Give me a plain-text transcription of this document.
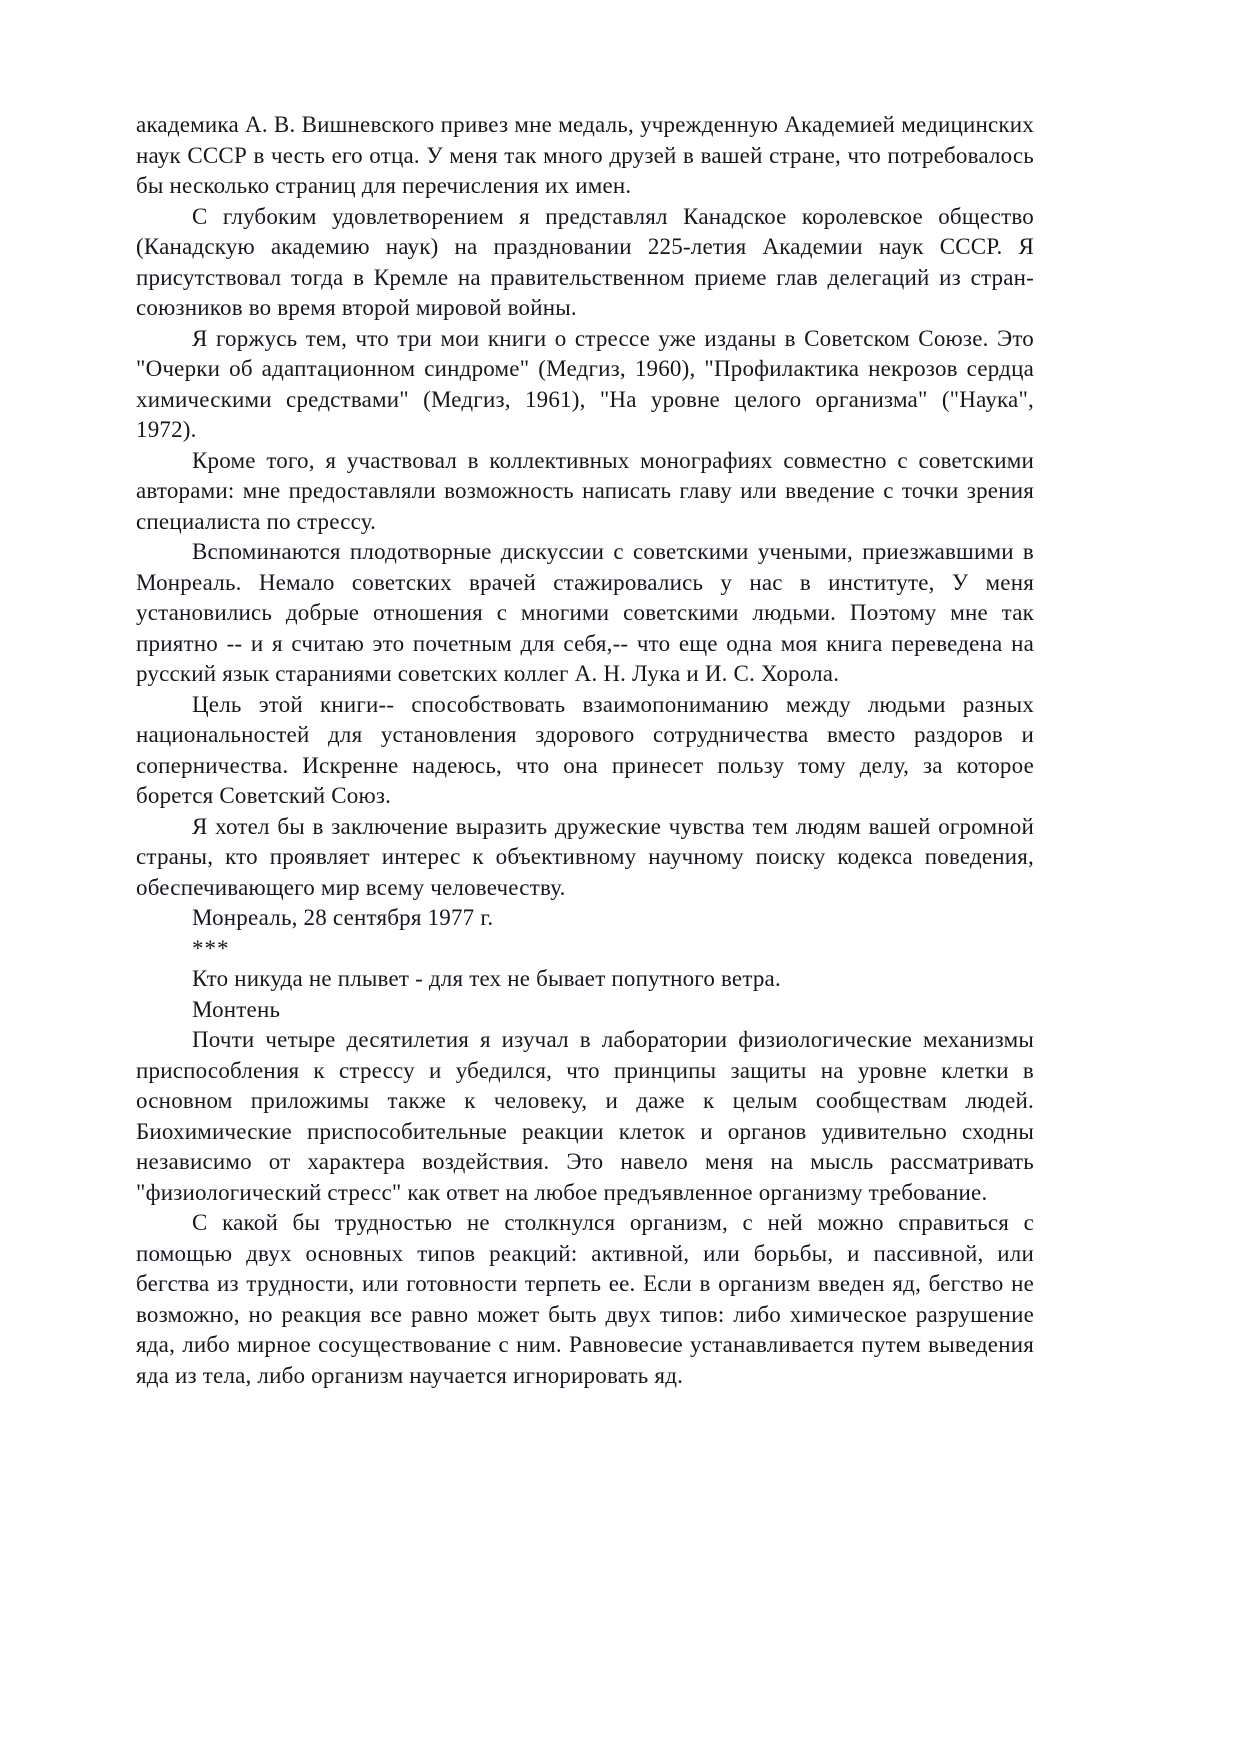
академика А. В. Вишневского привез мне медаль, учрежденную Академией медицинских наук СССР в честь его отца. У меня так много друзей в вашей стране, что потребовалось бы несколько страниц для перечисления их имен.

С глубоким удовлетворением я представлял Канадское королевское общество (Канадскую академию наук) на праздновании 225-летия Академии наук СССР. Я присутствовал тогда в Кремле на правительственном приеме глав делегаций из стран-союзников во время второй мировой войны.

Я горжусь тем, что три мои книги о стрессе уже изданы в Советском Союзе. Это "Очерки об адаптационном синдроме" (Медгиз, 1960), "Профилактика некрозов сердца химическими средствами" (Медгиз, 1961), "На уровне целого организма" ("Наука", 1972).

Кроме того, я участвовал в коллективных монографиях совместно с советскими авторами: мне предоставляли возможность написать главу или введение с точки зрения специалиста по стрессу.

Вспоминаются плодотворные дискуссии с советскими учеными, приезжавшими в Монреаль. Немало советских врачей стажировались у нас в институте, У меня установились добрые отношения с многими советскими людьми. Поэтому мне так приятно -- и я считаю это почетным для себя,-- что еще одна моя книга переведена на русский язык стараниями советских коллег А. Н. Лука и И. С. Хорола.

Цель этой книги-- способствовать взаимопониманию между людьми разных национальностей для установления здорового сотрудничества вместо раздоров и соперничества. Искренне надеюсь, что она принесет пользу тому делу, за которое борется Советский Союз.

Я хотел бы в заключение выразить дружеские чувства тем людям вашей огромной страны, кто проявляет интерес к объективному научному поиску кодекса поведения, обеспечивающего мир всему человечеству.

Монреаль, 28 сентября 1977 г.

***

Кто никуда не плывет - для тех не бывает попутного ветра.

Монтень

Почти четыре десятилетия я изучал в лаборатории физиологические механизмы приспособления к стрессу и убедился, что принципы защиты на уровне клетки в основном приложимы также к человеку, и даже к целым сообществам людей. Биохимические приспособительные реакции клеток и органов удивительно сходны независимо от характера воздействия. Это навело меня на мысль рассматривать "физиологический стресс" как ответ на любое предъявленное организму требование.

С какой бы трудностью не столкнулся организм, с ней можно справиться с помощью двух основных типов реакций: активной, или борьбы, и пассивной, или бегства из трудности, или готовности терпеть ее. Если в организм введен яд, бегство не возможно, но реакция все равно может быть двух типов: либо химическое разрушение яда, либо мирное сосуществование с ним. Равновесие устанавливается путем выведения яда из тела, либо организм научается игнорировать яд.
